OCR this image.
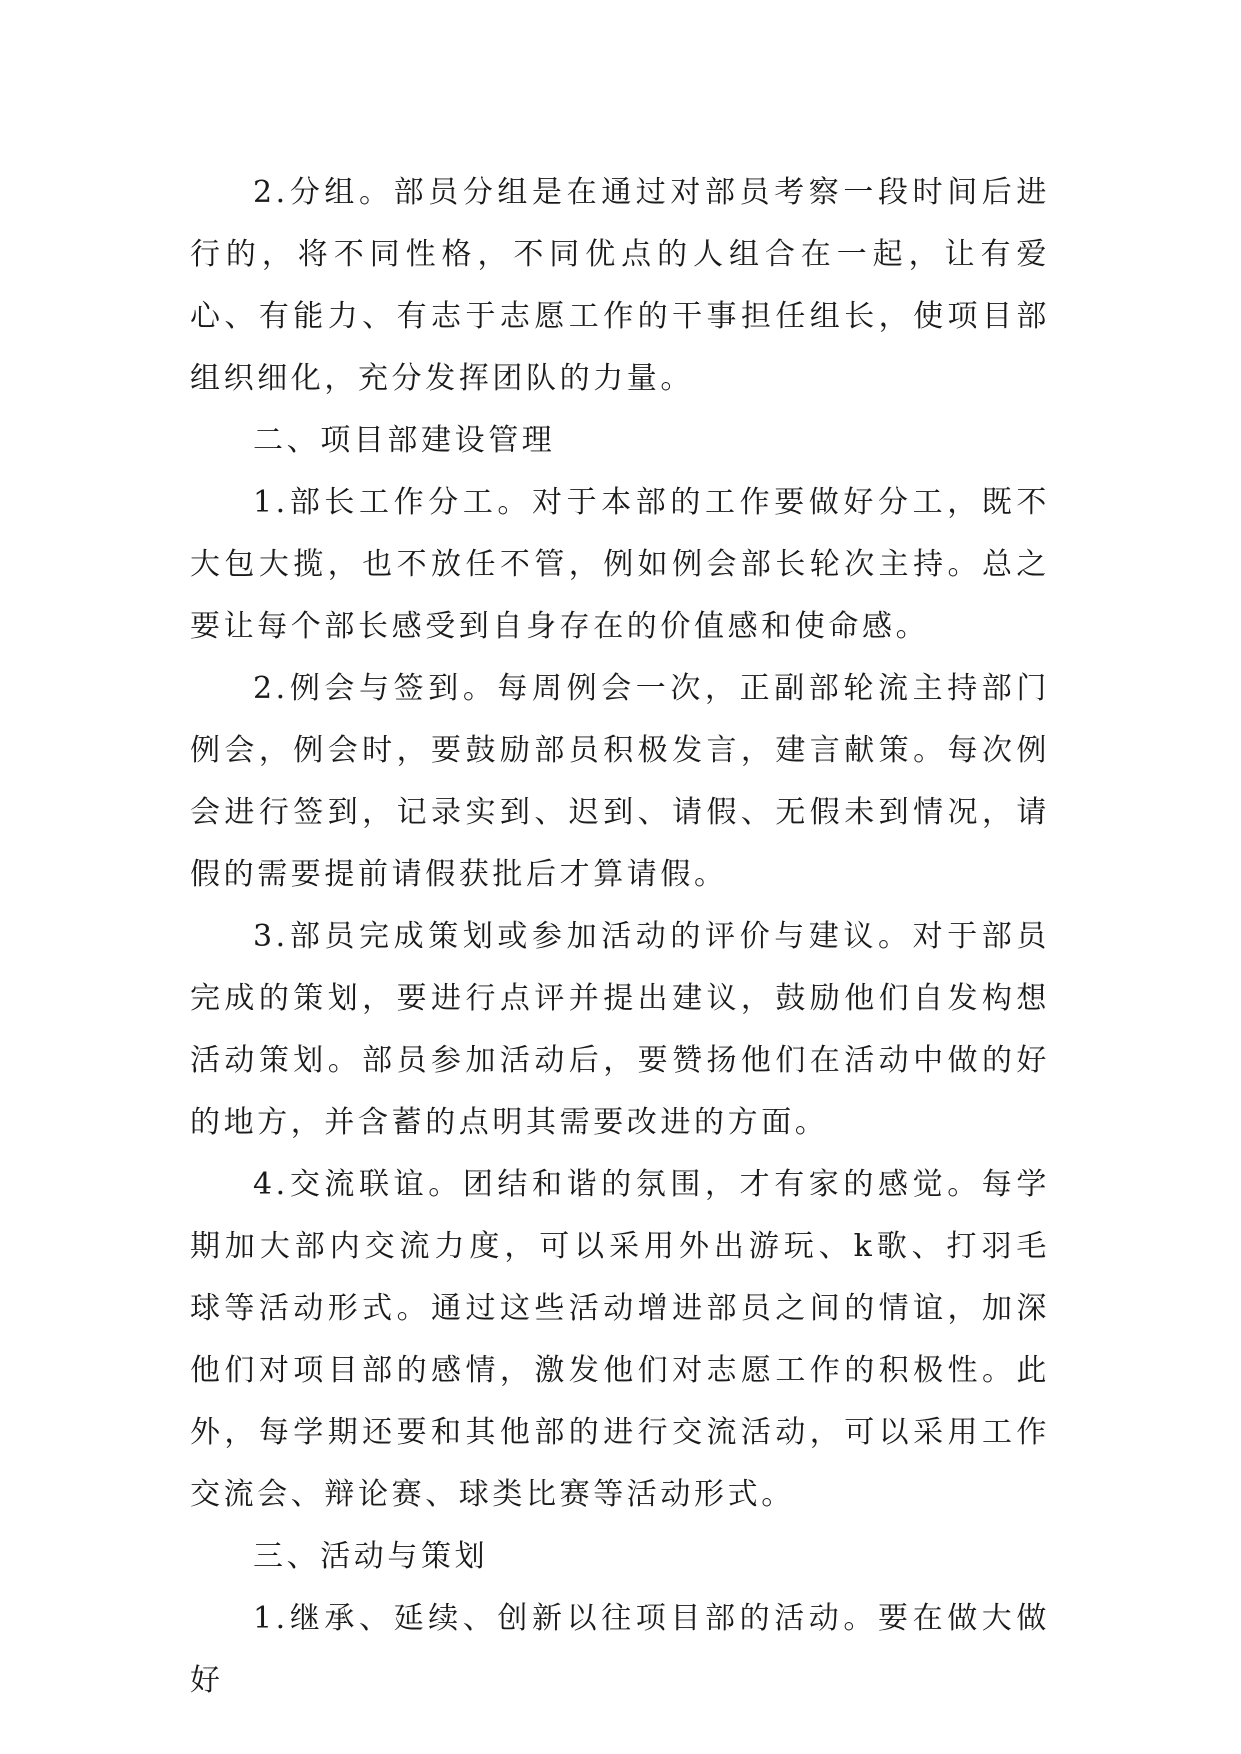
2.分组。部员分组是在通过对部员考察一段时间后进行的，将不同性格，不同优点的人组合在一起，让有爱心、有能力、有志于志愿工作的干事担任组长，使项目部组织细化，充分发挥团队的力量。

二、项目部建设管理

1.部长工作分工。对于本部的工作要做好分工，既不大包大揽，也不放任不管，例如例会部长轮次主持。总之要让每个部长感受到自身存在的价值感和使命感。

2.例会与签到。每周例会一次，正副部轮流主持部门例会，例会时，要鼓励部员积极发言，建言献策。每次例会进行签到，记录实到、迟到、请假、无假未到情况，请假的需要提前请假获批后才算请假。

3.部员完成策划或参加活动的评价与建议。对于部员完成的策划，要进行点评并提出建议，鼓励他们自发构想活动策划。部员参加活动后，要赞扬他们在活动中做的好的地方，并含蓄的点明其需要改进的方面。

4.交流联谊。团结和谐的氛围，才有家的感觉。每学期加大部内交流力度，可以采用外出游玩、k歌、打羽毛球等活动形式。通过这些活动增进部员之间的情谊，加深他们对项目部的感情，激发他们对志愿工作的积极性。此外，每学期还要和其他部的进行交流活动，可以采用工作交流会、辩论赛、球类比赛等活动形式。

三、活动与策划

1.继承、延续、创新以往项目部的活动。要在做大做好
